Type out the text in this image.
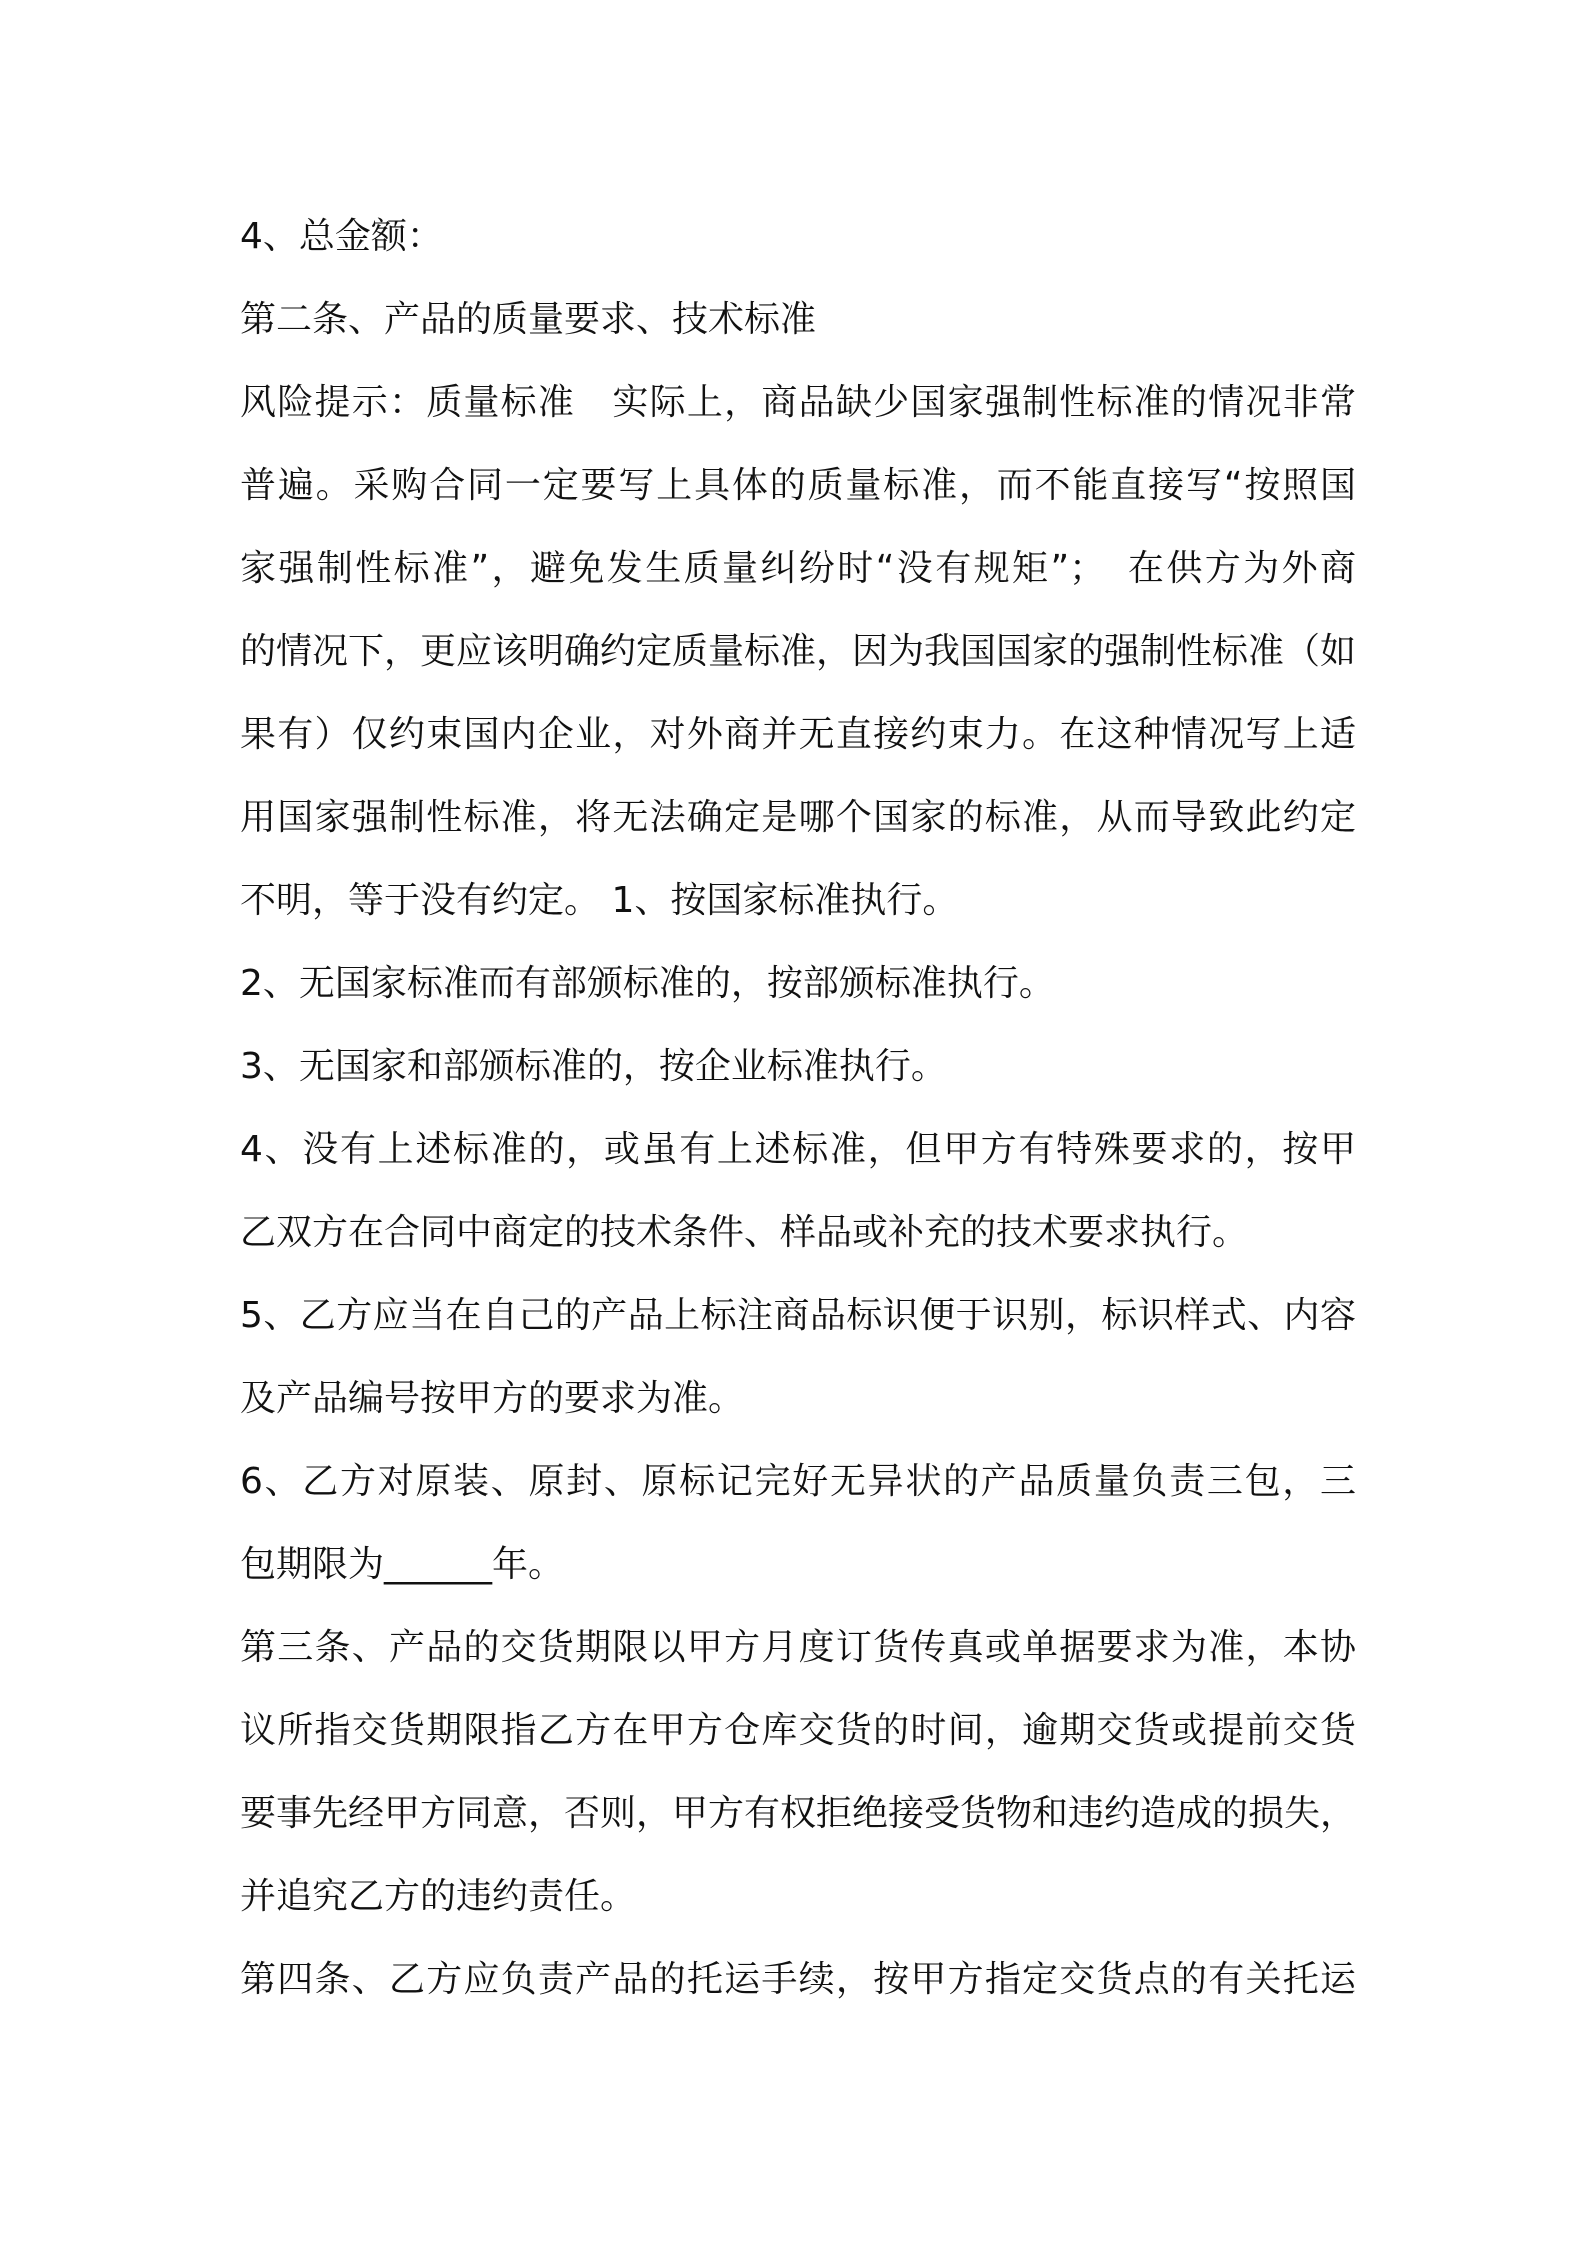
4、总金额：
第二条、产品的质量要求、技术标准
风险提示：质量标准　实际上，商品缺少国家强制性标准的情况非常
普遍。采购合同一定要写上具体的质量标准，而不能直接写“按照国
家强制性标准”，避免发生质量纠纷时“没有规矩”；　在供方为外商
的情况下，更应该明确约定质量标准，因为我国国家的强制性标准（如
果有）仅约束国内企业，对外商并无直接约束力。在这种情况写上适
用国家强制性标准，将无法确定是哪个国家的标准，从而导致此约定
不明，等于没有约定。 1、按国家标准执行。
2、无国家标准而有部颁标准的，按部颁标准执行。
3、无国家和部颁标准的，按企业标准执行。
4、没有上述标准的，或虽有上述标准，但甲方有特殊要求的，按甲
乙双方在合同中商定的技术条件、样品或补充的技术要求执行。
5、乙方应当在自己的产品上标注商品标识便于识别，标识样式、内容
及产品编号按甲方的要求为准。
6、乙方对原装、原封、原标记完好无异状的产品质量负责三包，三
包期限为______年。
第三条、产品的交货期限以甲方月度订货传真或单据要求为准，本协
议所指交货期限指乙方在甲方仓库交货的时间，逾期交货或提前交货
要事先经甲方同意，否则，甲方有权拒绝接受货物和违约造成的损失，
并追究乙方的违约责任。
第四条、乙方应负责产品的托运手续，按甲方指定交货点的有关托运
